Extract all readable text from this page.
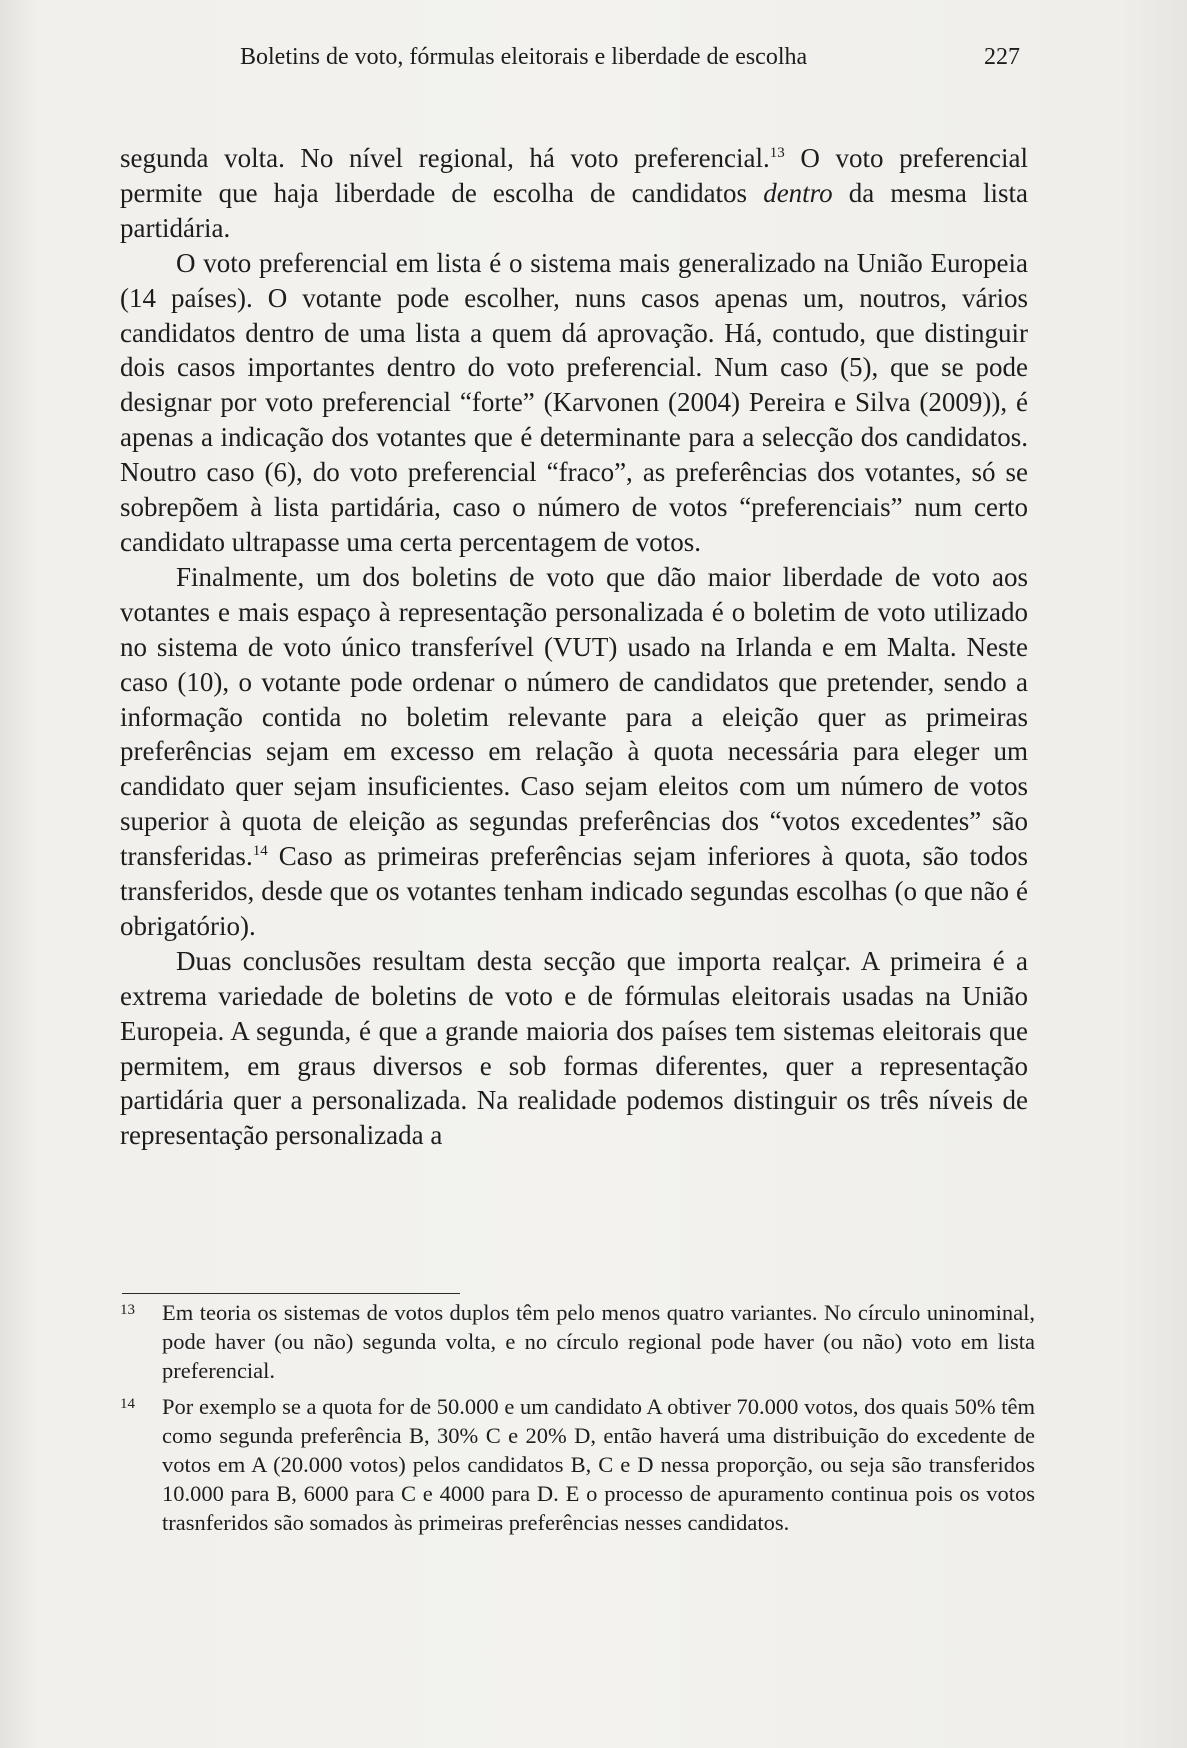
Boletins de voto, fórmulas eleitorais e liberdade de escolha	227

segunda volta. No nível regional, há voto preferencial.$^{13}$ O voto preferencial permite que haja liberdade de escolha de candidatos dentro da mesma lista partidária.

O voto preferencial em lista é o sistema mais generalizado na União Europeia (14 países). O votante pode escolher, nuns casos apenas um, noutros, vários candidatos dentro de uma lista a quem dá aprovação. Há, contudo, que distinguir dois casos importantes dentro do voto preferencial. Num caso (5), que se pode designar por voto preferencial “forte” (Karvonen (2004) Pereira e Silva (2009)), é apenas a indicação dos votantes que é determinante para a selecção dos candidatos. Noutro caso (6), do voto preferencial “fraco”, as preferências dos votantes, só se sobrepõem à lista partidária, caso o número de votos “preferenciais” num certo candidato ultrapasse uma certa percentagem de votos.

Finalmente, um dos boletins de voto que dão maior liberdade de voto aos votantes e mais espaço à representação personalizada é o boletim de voto utilizado no sistema de voto único transferível (VUT) usado na Irlanda e em Malta. Neste caso (10), o votante pode ordenar o número de candidatos que pretender, sendo a informação contida no boletim relevante para a eleição quer as primeiras preferências sejam em excesso em relação à quota necessária para eleger um candidato quer sejam insuficientes. Caso sejam eleitos com um número de votos superior à quota de eleição as segundas preferências dos “votos excedentes” são transferidas.$^{14}$ Caso as primeiras preferências sejam inferiores à quota, são todos transferidos, desde que os votantes tenham indicado segundas escolhas (o que não é obrigatório).

Duas conclusões resultam desta secção que importa realçar. A primeira é a extrema variedade de boletins de voto e de fórmulas eleitorais usadas na União Europeia. A segunda, é que a grande maioria dos países tem sistemas eleitorais que permitem, em graus diversos e sob formas diferentes, quer a representação partidária quer a personalizada. Na realidade podemos distinguir os três níveis de representação personalizada a

13 Em teoria os sistemas de votos duplos têm pelo menos quatro variantes. No círculo uninominal, pode haver (ou não) segunda volta, e no círculo regional pode haver (ou não) voto em lista preferencial.
14 Por exemplo se a quota for de 50.000 e um candidato A obtiver 70.000 votos, dos quais 50% têm como segunda preferência B, 30% C e 20% D, então haverá uma distribuição do excedente de votos em A (20.000 votos) pelos candidatos B, C e D nessa proporção, ou seja são transferidos 10.000 para B, 6000 para C e 4000 para D. E o processo de apuramento continua pois os votos trasnferidos são somados às primeiras preferências nesses candidatos.
